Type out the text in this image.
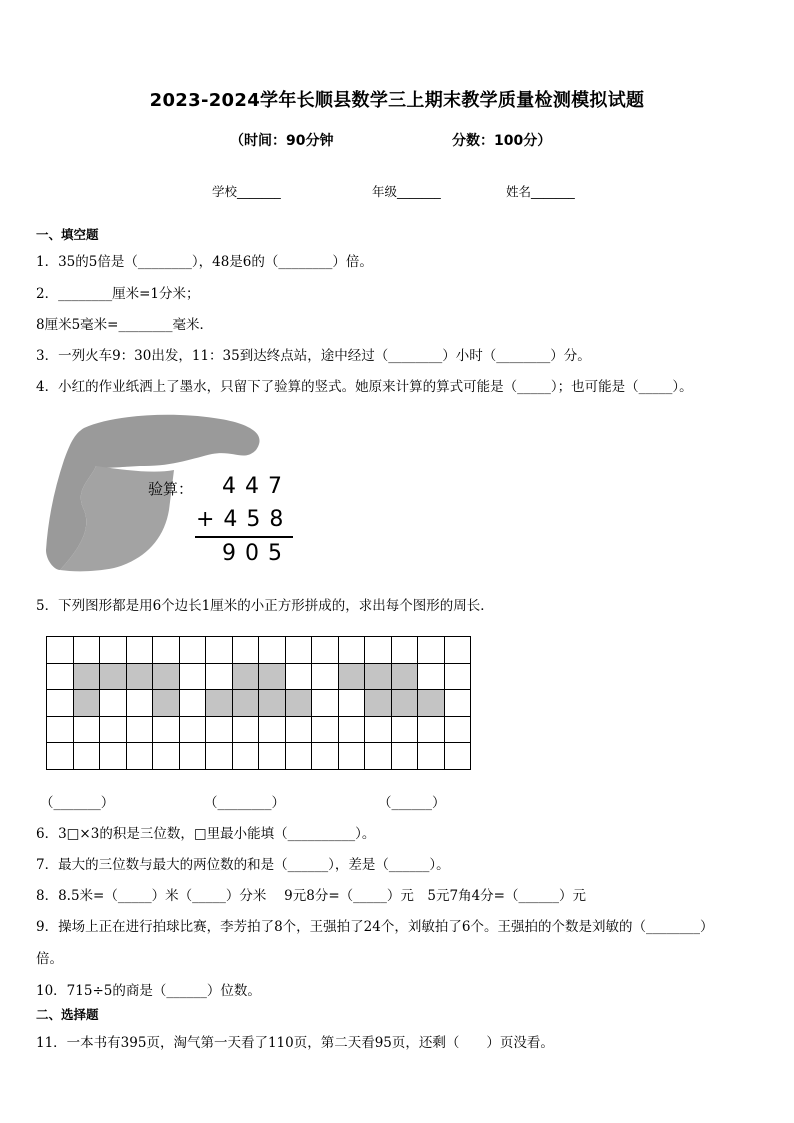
2023-2024学年长顺县数学三上期末教学质量检测模拟试题
（时间：90分钟	分数：100分）
学校_______	年级_______	姓名_______
一、填空题
1．35的5倍是（________），48是6的（________）倍。
2．________厘米=1分米；
8厘米5毫米=________毫米．
3．一列火车9：30出发，11：35到达终点站，途中经过（________）小时（________）分。
4．小红的作业纸洒上了墨水，只留下了验算的竖式。她原来计算的算式可能是（_____）；也可能是（_____）。
验算： 447
+458
905
5．下列图形都是用6个边长1厘米的小正方形拼成的，求出每个图形的周长．
（_______）	（________）	（______）
6．3□×3的积是三位数，□里最小能填（__________）。
7．最大的三位数与最大的两位数的和是（______），差是（______）。
8．8.5米=（_____）米（_____）分米　 9元8分=（_____）元　5元7角4分=（______）元
9．操场上正在进行拍球比赛，李芳拍了8个，王强拍了24个，刘敏拍了6个。王强拍的个数是刘敏的（________）
倍。
10．715÷5的商是（______）位数。
二、选择题
11．一本书有395页，淘气第一天看了110页，第二天看95页，还剩（　　）页没看。
